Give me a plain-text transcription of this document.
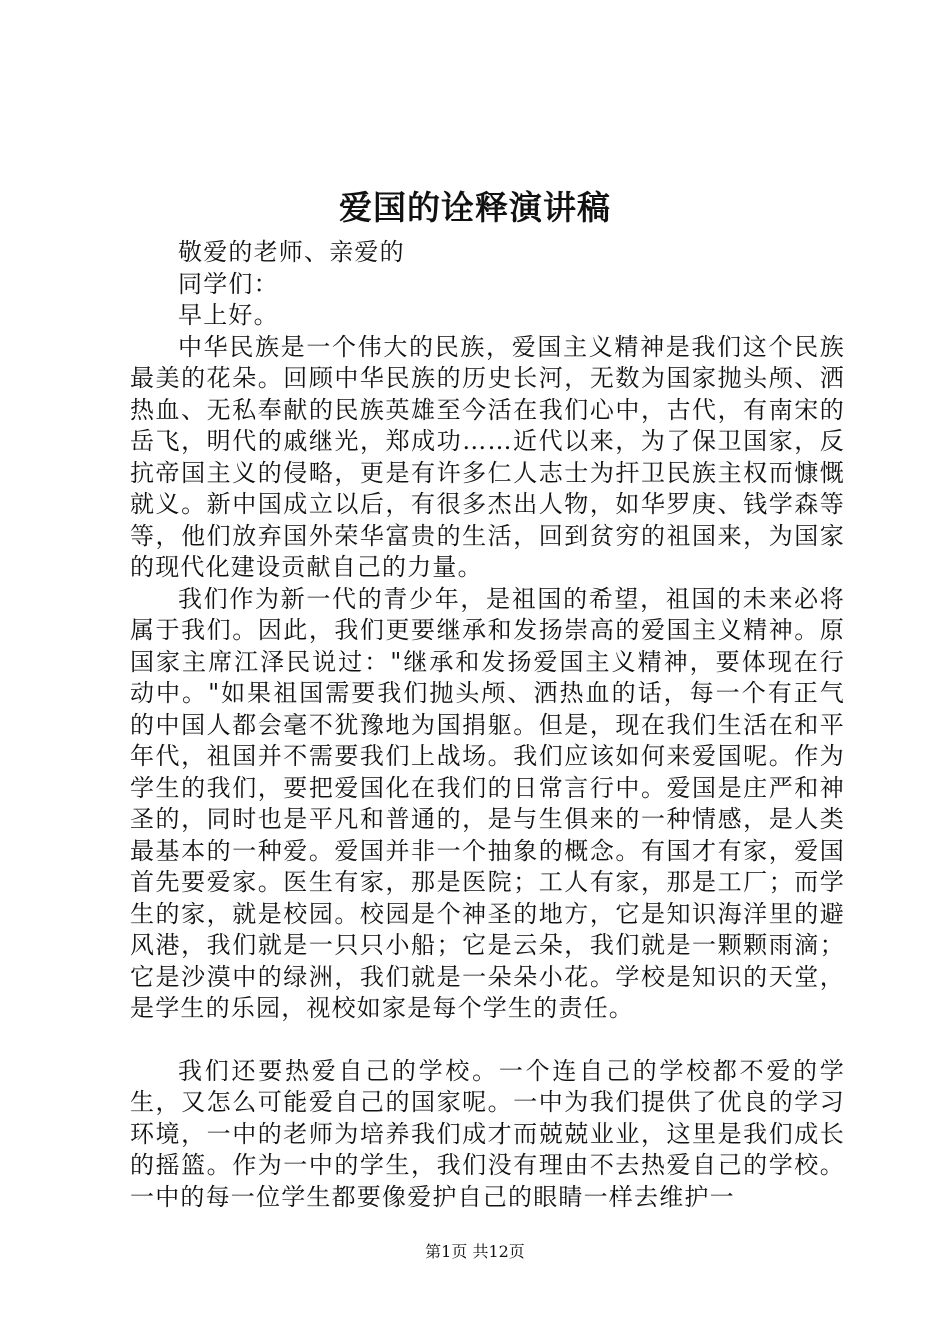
爱国的诠释演讲稿

敬爱的老师、亲爱的

同学们：

早上好。

中华民族是一个伟大的民族，爱国主义精神是我们这个民族最美的花朵。回顾中华民族的历史长河，无数为国家抛头颅、洒热血、无私奉献的民族英雄至今活在我们心中，古代，有南宋的岳飞，明代的戚继光，郑成功……近代以来，为了保卫国家，反抗帝国主义的侵略，更是有许多仁人志士为扞卫民族主权而慷慨就义。新中国成立以后，有很多杰出人物，如华罗庚、钱学森等等，他们放弃国外荣华富贵的生活，回到贫穷的祖国来，为国家的现代化建设贡献自己的力量。

我们作为新一代的青少年，是祖国的希望，祖国的未来必将属于我们。因此，我们更要继承和发扬崇高的爱国主义精神。原国家主席江泽民说过："继承和发扬爱国主义精神，要体现在行动中。"如果祖国需要我们抛头颅、洒热血的话，每一个有正气的中国人都会毫不犹豫地为国捐躯。但是，现在我们生活在和平年代，祖国并不需要我们上战场。我们应该如何来爱国呢。作为学生的我们，要把爱国化在我们的日常言行中。爱国是庄严和神圣的，同时也是平凡和普通的，是与生俱来的一种情感，是人类最基本的一种爱。爱国并非一个抽象的概念。有国才有家，爱国首先要爱家。医生有家，那是医院；工人有家，那是工厂；而学生的家，就是校园。校园是个神圣的地方，它是知识海洋里的避风港，我们就是一只只小船；它是云朵，我们就是一颗颗雨滴；它是沙漠中的绿洲，我们就是一朵朵小花。学校是知识的天堂，是学生的乐园，视校如家是每个学生的责任。

我们还要热爱自己的学校。一个连自己的学校都不爱的学生，又怎么可能爱自己的国家呢。一中为我们提供了优良的学习环境，一中的老师为培养我们成才而兢兢业业，这里是我们成长的摇篮。作为一中的学生，我们没有理由不去热爱自己的学校。一中的每一位学生都要像爱护自己的眼睛一样去维护一

第1页 共12页
